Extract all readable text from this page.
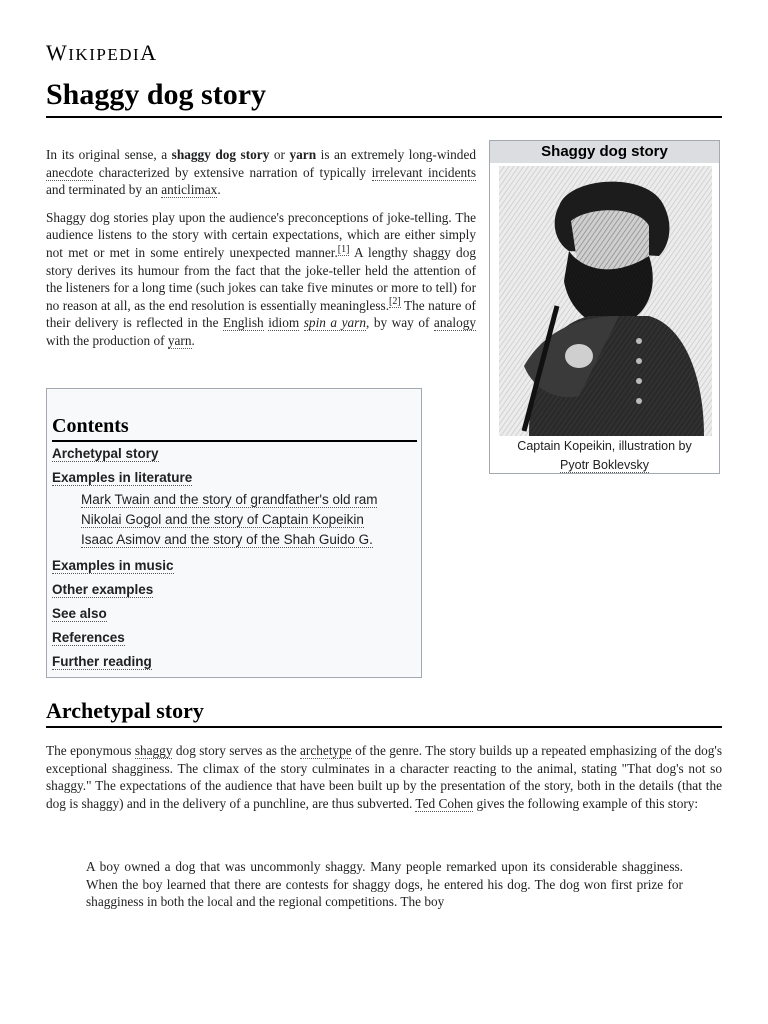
WIKIPEDIA
Shaggy dog story

In its original sense, a shaggy dog story or yarn is an extremely long-winded anecdote characterized by extensive narration of typically irrelevant incidents and terminated by an anticlimax.

Shaggy dog stories play upon the audience's preconceptions of joke-telling. The audience listens to the story with certain expectations, which are either simply not met or met in some entirely unexpected manner.[1] A lengthy shaggy dog story derives its humour from the fact that the joke-teller held the attention of the listeners for a long time (such jokes can take five minutes or more to tell) for no reason at all, as the end resolution is essentially meaningless.[2] The nature of their delivery is reflected in the English idiom spin a yarn, by way of analogy with the production of yarn.

Shaggy dog story
Captain Kopeikin, illustration by
Pyotr Boklevsky
Contents
Archetypal story
Examples in literature
Mark Twain and the story of grandfather's old ram
Nikolai Gogol and the story of Captain Kopeikin
Isaac Asimov and the story of the Shah Guido G.
Examples in music
Other examples
See also
References
Further reading
Archetypal story

The eponymous shaggy dog story serves as the archetype of the genre. The story builds up a repeated emphasizing of the dog's exceptional shagginess. The climax of the story culminates in a character reacting to the animal, stating "That dog's not so shaggy." The expectations of the audience that have been built up by the presentation of the story, both in the details (that the dog is shaggy) and in the delivery of a punchline, are thus subverted. Ted Cohen gives the following example of this story:

A boy owned a dog that was uncommonly shaggy. Many people remarked upon its considerable shagginess. When the boy learned that there are contests for shaggy dogs, he entered his dog. The dog won first prize for shagginess in both the local and the regional competitions. The boy
